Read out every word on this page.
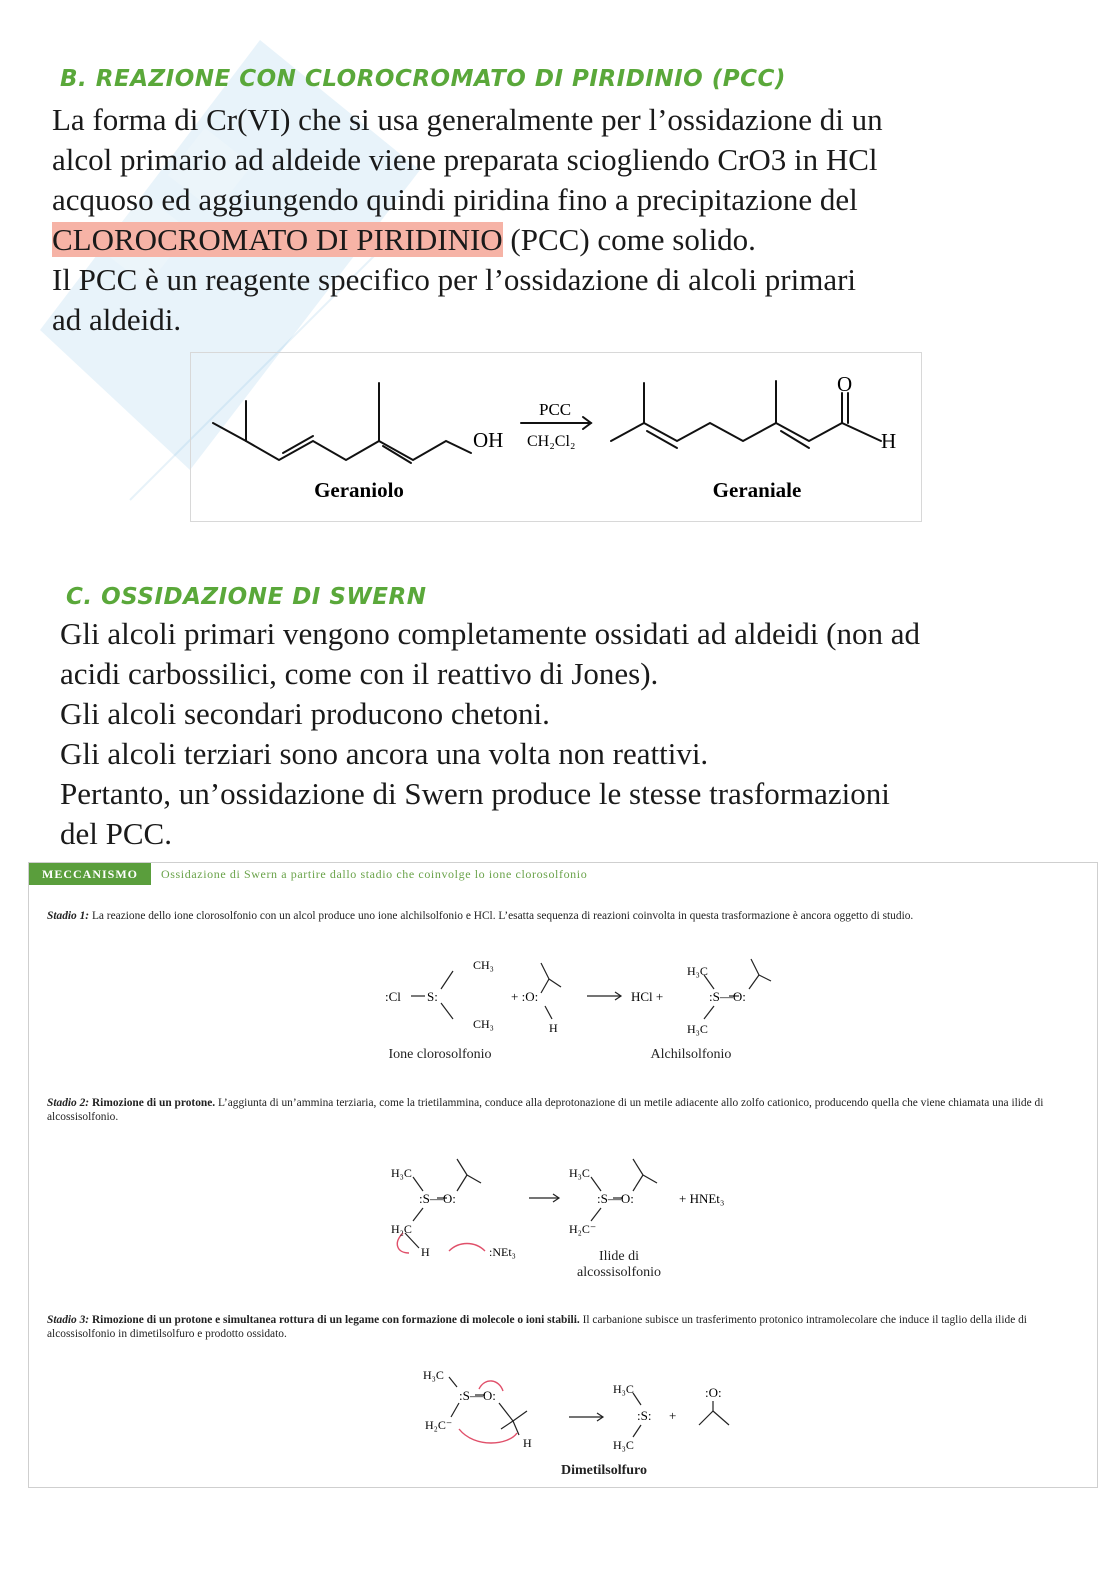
B. REAZIONE CON CLOROCROMATO DI PIRIDINIO (PCC)
La forma di Cr(VI) che si usa generalmente per l’ossidazione di un
alcol primario ad aldeide viene preparata sciogliendo CrO3 in HCl
acquoso ed aggiungendo quindi piridina fino a precipitazione del
CLOROCROMATO DI PIRIDINIO (PCC) come solido.
Il PCC è un reagente specifico per l’ossidazione di alcoli primari
ad aldeidi.
OH
PCC
CH₂Cl₂
O
H
Geraniolo	Geraniale
C. OSSIDAZIONE DI SWERN
Gli alcoli primari vengono completamente ossidati ad aldeidi (non ad
acidi carbossilici, come con il reattivo di Jones).
Gli alcoli secondari producono chetoni.
Gli alcoli terziari sono ancora una volta non reattivi.
Pertanto, un’ossidazione di Swern produce le stesse trasformazioni
del PCC.
MECCANISMO	Ossidazione di Swern a partire dallo stadio che coinvolge lo ione clorosolfonio
Stadio 1: La reazione dello ione clorosolfonio con un alcol produce uno ione alchilsolfonio e HCl. L’esatta sequenza di reazioni coinvolta in questa trasformazione è ancora oggetto di studio.
:Cl S:
CH₃
CH₃
+ :O:
H
HCl +	:S—O:
H₃C
H₃C
Ione clorosolfonio	Alchilsolfonio
Stadio 2: Rimozione di un protone. L’aggiunta di un’ammina terziaria, come la trietilammina, conduce alla deprotonazione di un metile adiacente allo zolfo cationico, producendo quella che viene chiamata una ilide di alcossisolfonio.
:S—O:
H₃C
H₂C
H	:NEt₃
:S—O:
H₃C
H₂C⁻
+ HNEt₃
Ilide di
alcossisolfonio
Stadio 3: Rimozione di un protone e simultanea rottura di un legame con formazione di molecole o ioni stabili. Il carbanione subisce un trasferimento protonico intramolecolare che induce il taglio della ilide di alcossisolfonio in dimetilsolfuro e prodotto ossidato.
:S—O:
H₃C
H₂C⁻
H
H₃C
:S:
H₃C
+
:O:
Dimetilsolfuro
